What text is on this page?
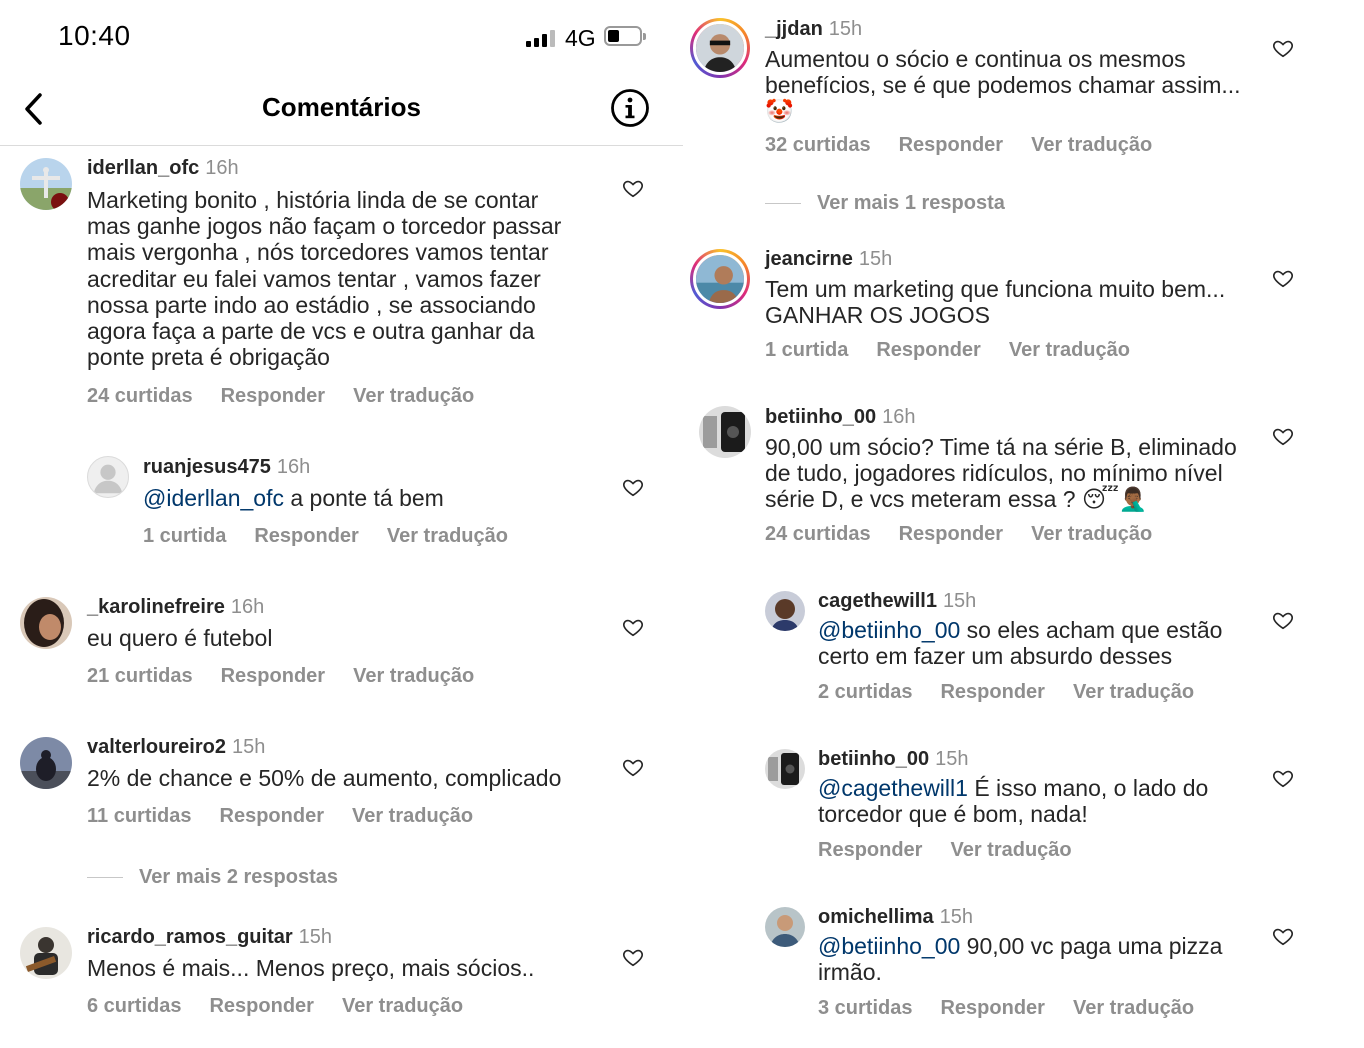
10:40	4G
Comentários
iderllan_ofc 16h
Marketing bonito , história linda de se contar
mas ganhe jogos não façam o torcedor passar
mais vergonha , nós torcedores vamos tentar
acreditar eu falei vamos tentar , vamos fazer
nossa parte indo ao estádio , se associando
agora faça a parte de vcs e outra ganhar da
ponte preta é obrigação
24 curtidas Responder Ver tradução
ruanjesus475 16h
@iderllan_ofc a ponte tá bem
1 curtida Responder Ver tradução
_karolinefreire 16h
eu quero é futebol
21 curtidas Responder Ver tradução
valterloureiro2 15h
2% de chance e 50% de aumento, complicado
11 curtidas Responder Ver tradução
Ver mais 2 respostas
ricardo_ramos_guitar 15h
Menos é mais... Menos preço, mais sócios..
6 curtidas Responder Ver tradução
_jjdan 15h
Aumentou o sócio e continua os mesmos
benefícios, se é que podemos chamar assim...
🤡
32 curtidas Responder Ver tradução
Ver mais 1 resposta
jeancirne 15h
Tem um marketing que funciona muito bem...
GANHAR OS JOGOS
1 curtida Responder Ver tradução
betiinho_00 16h
90,00 um sócio? Time tá na série B, eliminado
de tudo, jogadores ridículos, no mínimo nível
série D, e vcs meteram essa ? 😴🤦🏾‍♂️
24 curtidas Responder Ver tradução
cagethewill1 15h
@betiinho_00 so eles acham que estão
certo em fazer um absurdo desses
2 curtidas Responder Ver tradução
betiinho_00 15h
@cagethewill1 É isso mano, o lado do
torcedor que é bom, nada!
Responder Ver tradução
omichellima 15h
@betiinho_00 90,00 vc paga uma pizza
irmão.
3 curtidas Responder Ver tradução
